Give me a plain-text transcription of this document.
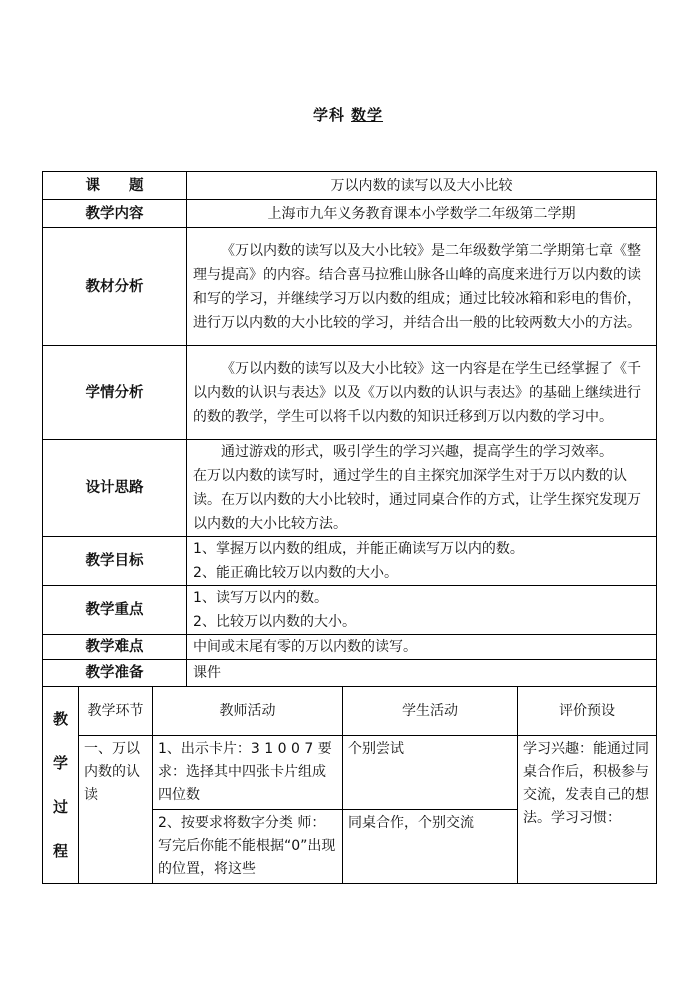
学科 数学
课　　题			万以内数的读写以及大小比较		
教学内容			上海市九年义务教育课本小学数学二年级第二学期		
教材分析			《万以内数的读写以及大小比较》是二年级数学第二学期第七章《整理与提高》的内容。结合喜马拉雅山脉各山峰的高度来进行万以内数的读和写的学习，并继续学习万以内数的组成；通过比较冰箱和彩电的售价，进行万以内数的大小比较的学习，并结合出一般的比较两数大小的方法。		
学情分析			《万以内数的读写以及大小比较》这一内容是在学生已经掌握了《千以内数的认识与表达》以及《万以内数的认识与表达》的基础上继续进行的数的教学，学生可以将千以内数的知识迁移到万以内数的学习中。		
设计思路			通过游戏的形式，吸引学生的学习兴趣，提高学生的学习效率。
在万以内数的读写时，通过学生的自主探究加深学生对于万以内数的认读。在万以内数的大小比较时，通过同桌合作的方式，让学生探究发现万以内数的大小比较方法。		

教学目标			1、掌握万以内数的组成，并能正确读写万以内的数。
2、能正确比较万以内数的大小。		

教学重点			1、读写万以内的数。
2、比较万以内数的大小。		

教学难点			中间或末尾有零的万以内数的读写。		
教学准备			课件		

教
学
过
程	教学环节	教师活动		学生活动	评价预设
	一、万以内数的认读	1、出示卡片：3 1 0 0 7 要求：选择其中四张卡片组成四位数		个别尝试	学习兴趣：能通过同桌合作后，积极参与交流，发表自己的想法。学习习惯：
		2、按要求将数字分类 师：写完后你能不能根据“0”出现的位置，将这些		同桌合作，个别交流	
